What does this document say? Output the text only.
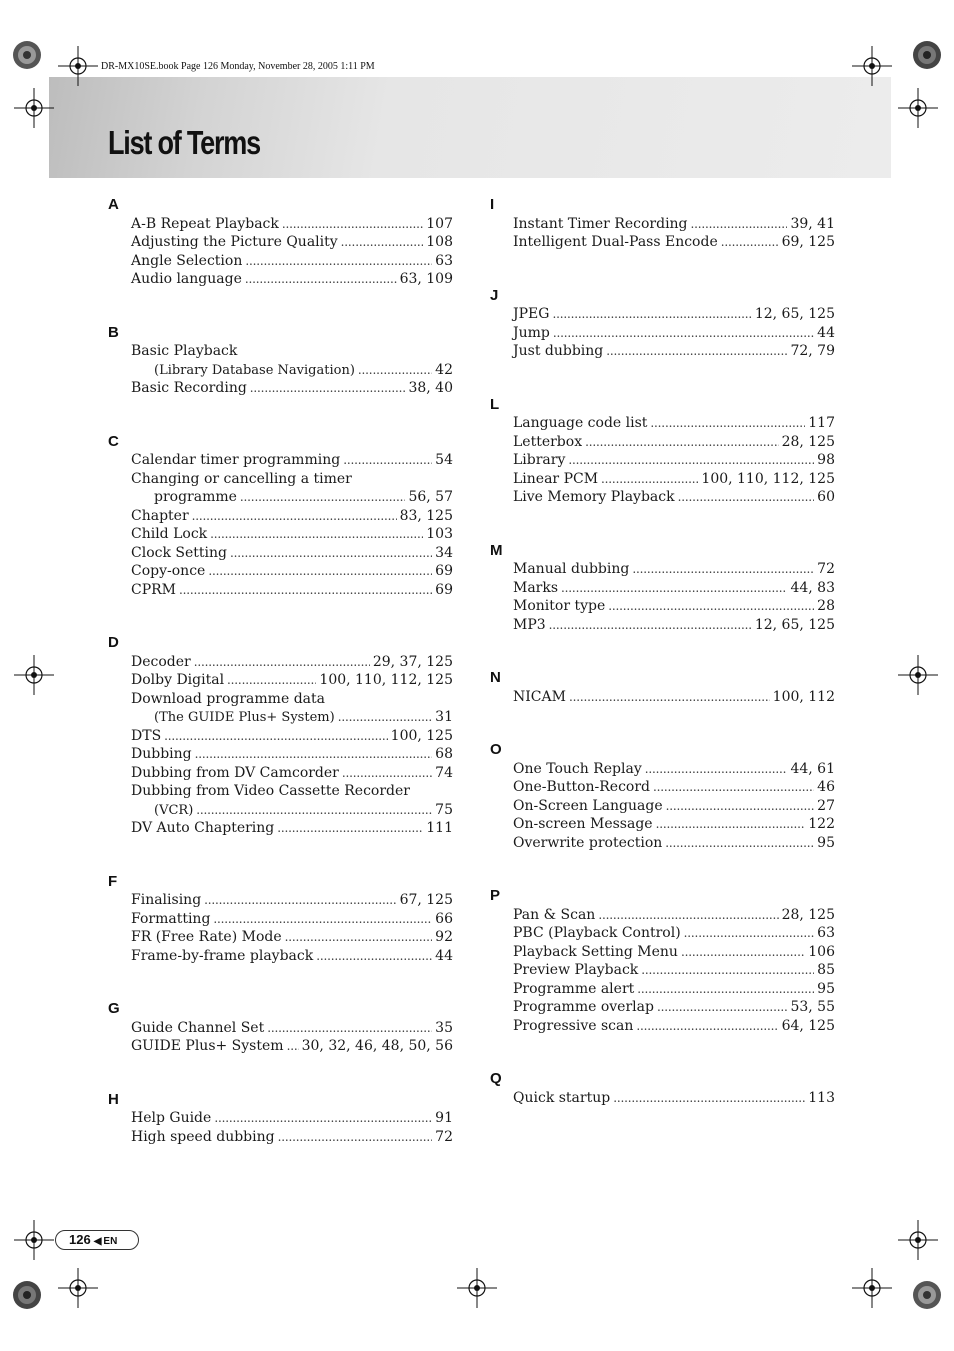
DR-MX10SE.book Page 126 Monday, November 28, 2005 1:11 PM
List of Terms
A
A-B Repeat Playback . . .	107
Adjusting the Picture Quality . . .	108
Angle Selection . . .	63
Audio language . . .	63, 109
B
Basic Playback
(Library Database Navigation) . . .	42
Basic Recording . . .	38, 40
C
Calendar timer programming . . .	54
Changing or cancelling a timer
programme . . .	56, 57
Chapter . . .	83, 125
Child Lock . . .	103
Clock Setting . . .	34
Copy-once . . .	69
CPRM . . .	69
D
Decoder . . .	29, 37, 125
Dolby Digital . . .	100, 110, 112, 125
Download programme data
(The GUIDE Plus+ System) . . .	31
DTS . . .	100, 125
Dubbing . . .	68
Dubbing from DV Camcorder . . .	74
Dubbing from Video Cassette Recorder
(VCR) . . .	75
DV Auto Chaptering . . .	111
F
Finalising . . .	67, 125
Formatting . . .	66
FR (Free Rate) Mode . . .	92
Frame-by-frame playback . . .	44
G
Guide Channel Set . . .	35
GUIDE Plus+ System . . . 30, 32, 46, 48, 50, 56
H
Help Guide . . .	91
High speed dubbing . . .	72
I
Instant Timer Recording . . .	39, 41
Intelligent Dual-Pass Encode . . .	69, 125
J
JPEG . . .	12, 65, 125
Jump . . .	44
Just dubbing . . .	72, 79
L
Language code list . . .	117
Letterbox . . .	28, 125
Library . . .	98
Linear PCM . . .	100, 110, 112, 125
Live Memory Playback . . .	60
M
Manual dubbing . . .	72
Marks . . .	44, 83
Monitor type . . .	28
MP3 . . .	12, 65, 125
N
NICAM . . .	100, 112
O
One Touch Replay . . .	44, 61
One-Button-Record . . .	46
On-Screen Language . . .	27
On-screen Message . . .	122
Overwrite protection . . .	95
P
Pan & Scan . . .	28, 125
PBC (Playback Control) . . .	63
Playback Setting Menu . . .	106
Preview Playback . . .	85
Programme alert . . .	95
Programme overlap . . .	53, 55
Progressive scan . . .	64, 125
Q
Quick startup . . .	113
126 ◀ EN
